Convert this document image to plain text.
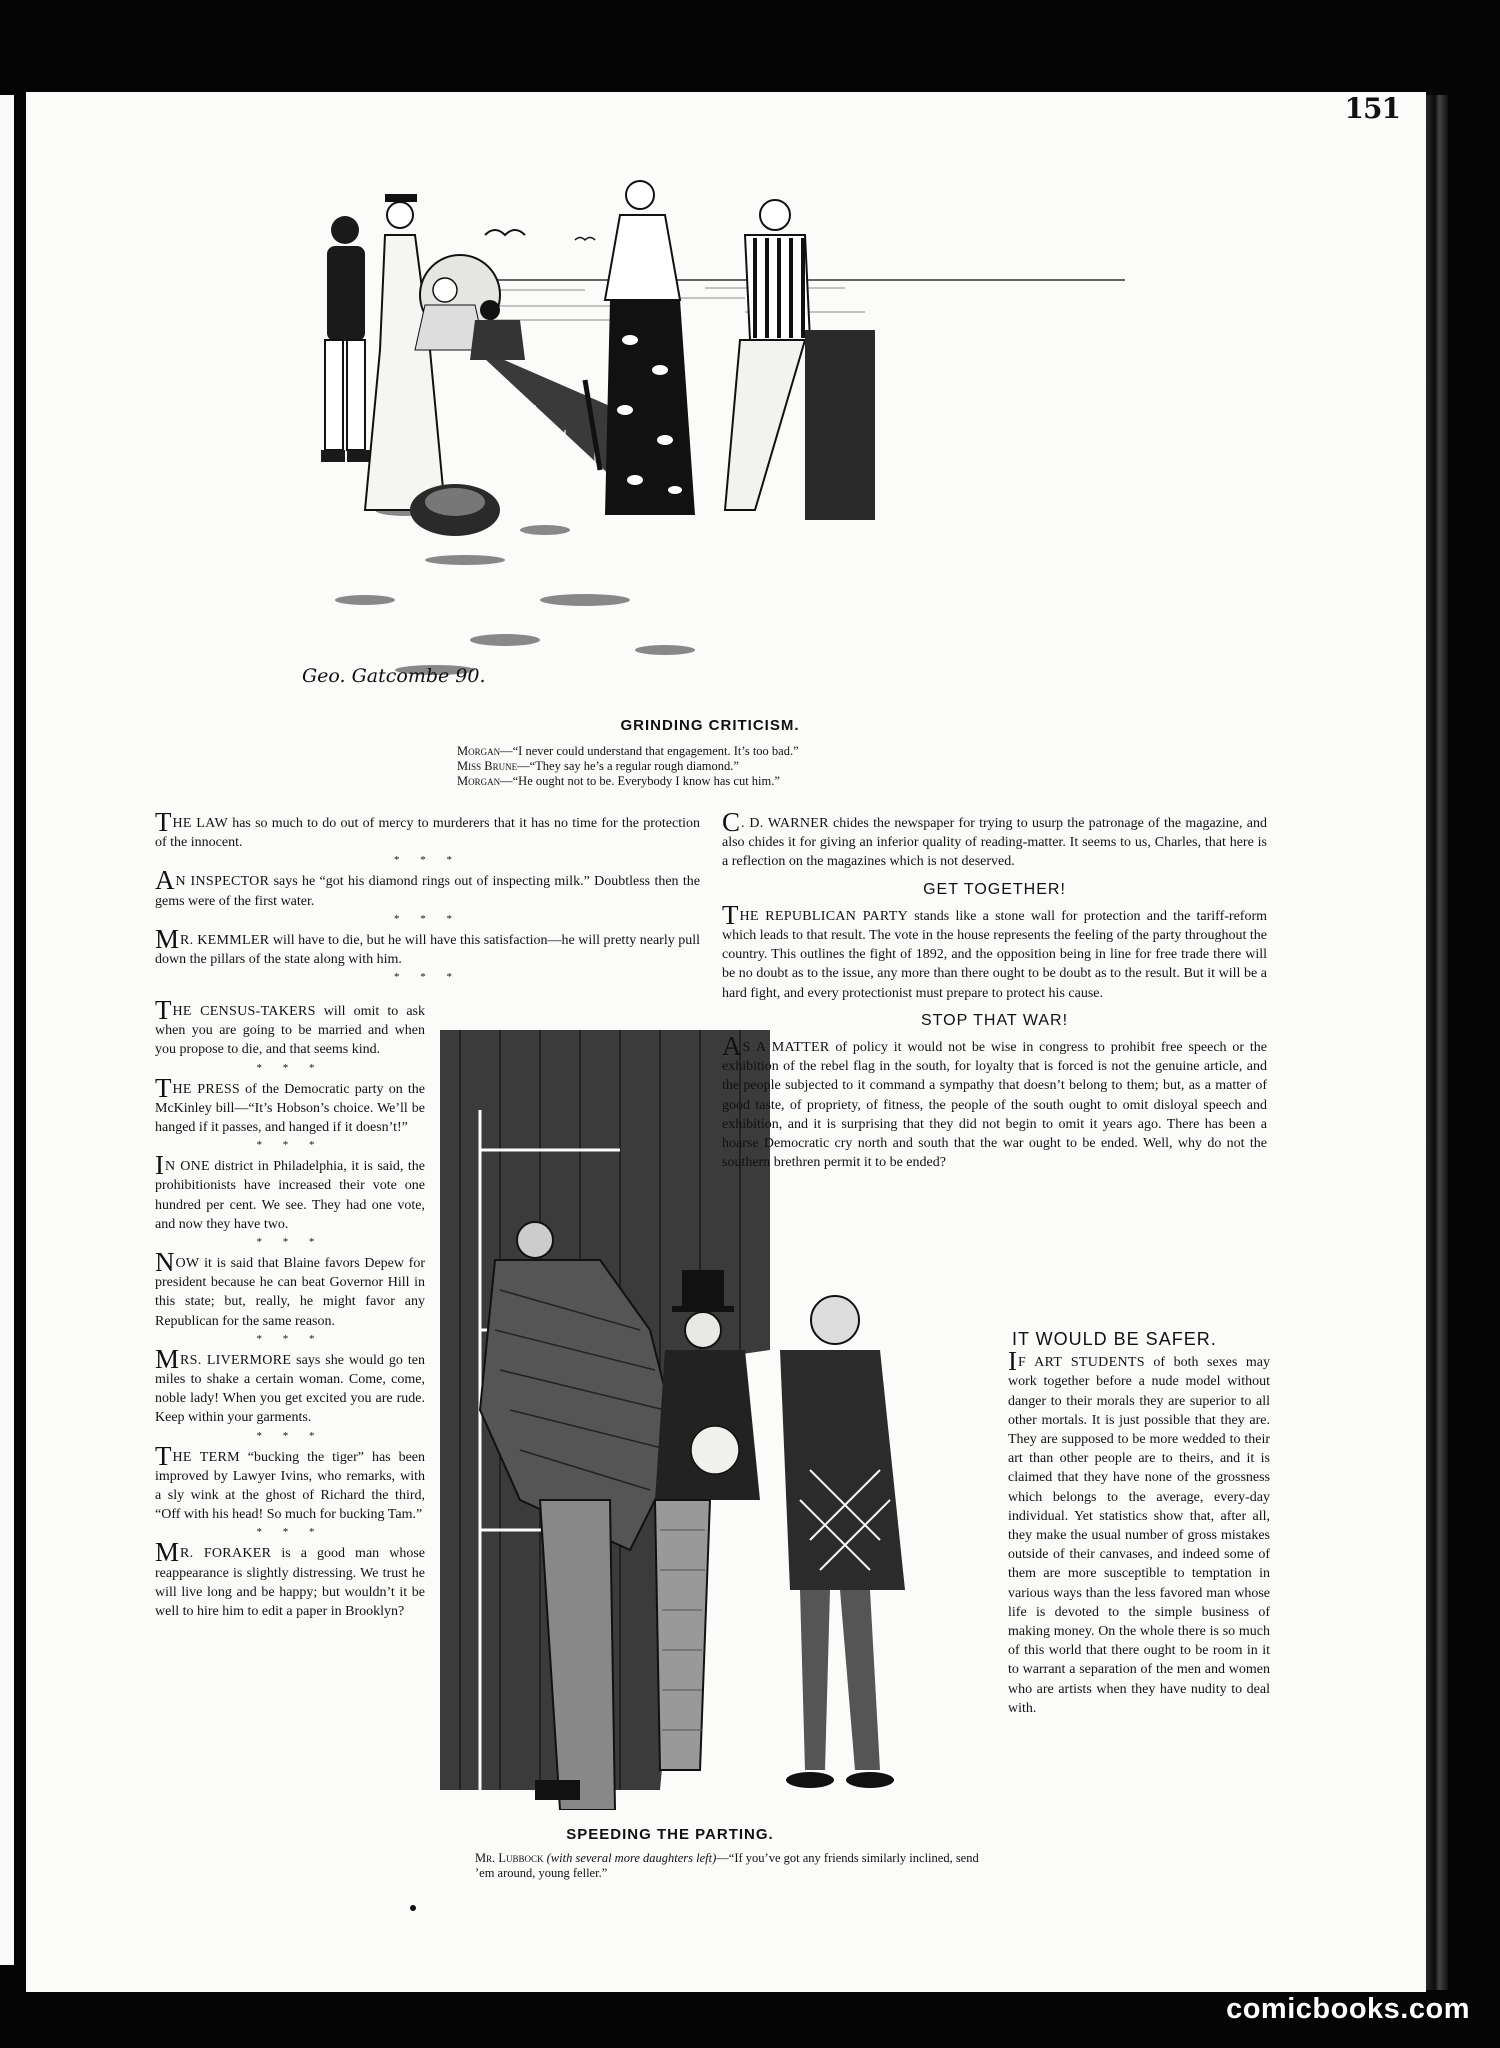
151
Geo. Gatcombe 90.
GRINDING CRITICISM.
Morgan—“I never could understand that engagement. It’s too bad.”
Miss Brune—“They say he’s a regular rough diamond.”
Morgan—“He ought not to be. Everybody I know has cut him.”

THE LAW has so much to do out of mercy to murderers that it has no time for the protection of the innocent.

* * *

AN INSPECTOR says he “got his diamond rings out of inspecting milk.” Doubtless then the gems were of the first water.

* * *

MR. KEMMLER will have to die, but he will have this satisfaction—he will pretty nearly pull down the pillars of the state along with him.

* * *

THE CENSUS-TAKERS will omit to ask when you are going to be married and when you propose to die, and that seems kind.

* * *

THE PRESS of the Democratic party on the McKinley bill—“It’s Hobson’s choice. We’ll be hanged if it passes, and hanged if it doesn’t!”

* * *

IN ONE district in Philadelphia, it is said, the prohibitionists have increased their vote one hundred per cent. We see. They had one vote, and now they have two.

* * *

NOW it is said that Blaine favors Depew for president because he can beat Governor Hill in this state; but, really, he might favor any Republican for the same reason.

* * *

MRS. LIVERMORE says she would go ten miles to shake a certain woman. Come, come, noble lady! When you get excited you are rude. Keep within your garments.

* * *

THE TERM “bucking the tiger” has been improved by Lawyer Ivins, who remarks, with a sly wink at the ghost of Richard the third, “Off with his head! So much for bucking Tam.”

* * *

MR. FORAKER is a good man whose reappearance is slightly distressing. We trust he will live long and be happy; but wouldn’t it be well to hire him to edit a paper in Brooklyn?

SPEEDING THE PARTING.
Mr. Lubbock (with several more daughters left)—“If you’ve got any friends similarly inclined, send ’em around, young feller.”

C. D. WARNER chides the newspaper for trying to usurp the patronage of the magazine, and also chides it for giving an inferior quality of reading-matter. It seems to us, Charles, that here is a reflection on the magazines which is not deserved.

GET TOGETHER!

THE REPUBLICAN PARTY stands like a stone wall for protection and the tariff-reform which leads to that result. The vote in the house represents the feeling of the party throughout the country. This outlines the fight of 1892, and the opposition being in line for free trade there will be no doubt as to the issue, any more than there ought to be doubt as to the result. But it will be a hard fight, and every protectionist must prepare to protect his cause.

STOP THAT WAR!

AS A MATTER of policy it would not be wise in congress to prohibit free speech or the exhibition of the rebel flag in the south, for loyalty that is forced is not the genuine article, and the people subjected to it command a sympathy that doesn’t belong to them; but, as a matter of good taste, of propriety, of fitness, the people of the south ought to omit disloyal speech and exhibition, and it is surprising that they did not begin to omit it years ago. There has been a hoarse Democratic cry north and south that the war ought to be ended. Well, why do not the southern brethren permit it to be ended?

IT WOULD BE SAFER.

IF ART STUDENTS of both sexes may work together before a nude model without danger to their morals they are superior to all other mortals. It is just possible that they are. They are supposed to be more wedded to their art than other people are to theirs, and it is claimed that they have none of the grossness which belongs to the average, every-day individual. Yet statistics show that, after all, they make the usual number of gross mistakes outside of their canvases, and indeed some of them are more susceptible to temptation in various ways than the less favored man whose life is devoted to the simple business of making money. On the whole there is so much of this world that there ought to be room in it to warrant a separation of the men and women who are artists when they have nudity to deal with.

comicbooks.com
